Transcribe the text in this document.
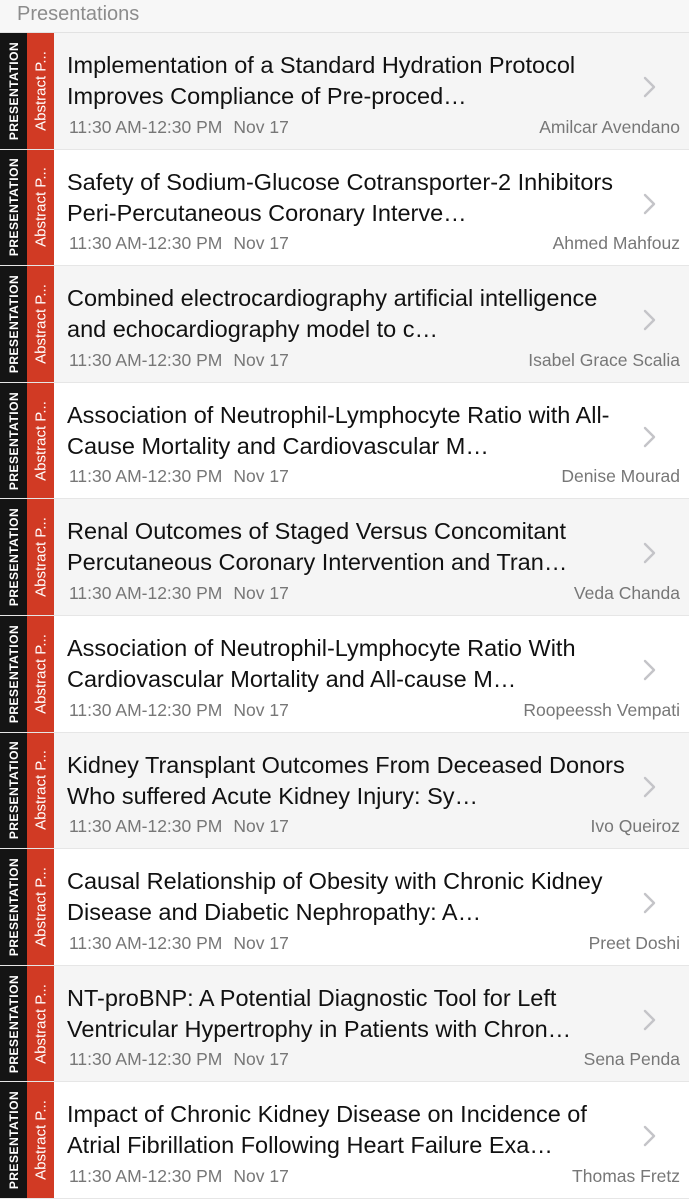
Presentations
PRESENTATION Abstract P... Implementation of a Standard Hydration Protocol Improves Compliance of Pre-proced…
11:30 AM-12:30 PM Nov 17	Amilcar Avendano
PRESENTATION Abstract P... Safety of Sodium-Glucose Cotransporter-2 Inhibitors Peri-Percutaneous Coronary Interve…
11:30 AM-12:30 PM Nov 17	Ahmed Mahfouz
PRESENTATION Abstract P... Combined electrocardiography artificial intelligence and echocardiography model to c…
11:30 AM-12:30 PM Nov 17	Isabel Grace Scalia
PRESENTATION Abstract P... Association of Neutrophil-Lymphocyte Ratio with All-Cause Mortality and Cardiovascular M…
11:30 AM-12:30 PM Nov 17	Denise Mourad
PRESENTATION Abstract P... Renal Outcomes of Staged Versus Concomitant Percutaneous Coronary Intervention and Tran…
11:30 AM-12:30 PM Nov 17	Veda Chanda
PRESENTATION Abstract P... Association of Neutrophil-Lymphocyte Ratio With Cardiovascular Mortality and All-cause M…
11:30 AM-12:30 PM Nov 17	Roopeessh Vempati
PRESENTATION Abstract P... Kidney Transplant Outcomes From Deceased Donors Who suffered Acute Kidney Injury: Sy…
11:30 AM-12:30 PM Nov 17	Ivo Queiroz
PRESENTATION Abstract P... Causal Relationship of Obesity with Chronic Kidney Disease and Diabetic Nephropathy: A…
11:30 AM-12:30 PM Nov 17	Preet Doshi
PRESENTATION Abstract P... NT-proBNP: A Potential Diagnostic Tool for Left Ventricular Hypertrophy in Patients with Chron…
11:30 AM-12:30 PM Nov 17	Sena Penda
PRESENTATION Abstract P... Impact of Chronic Kidney Disease on Incidence of Atrial Fibrillation Following Heart Failure Exa…
11:30 AM-12:30 PM Nov 17	Thomas Fretz
